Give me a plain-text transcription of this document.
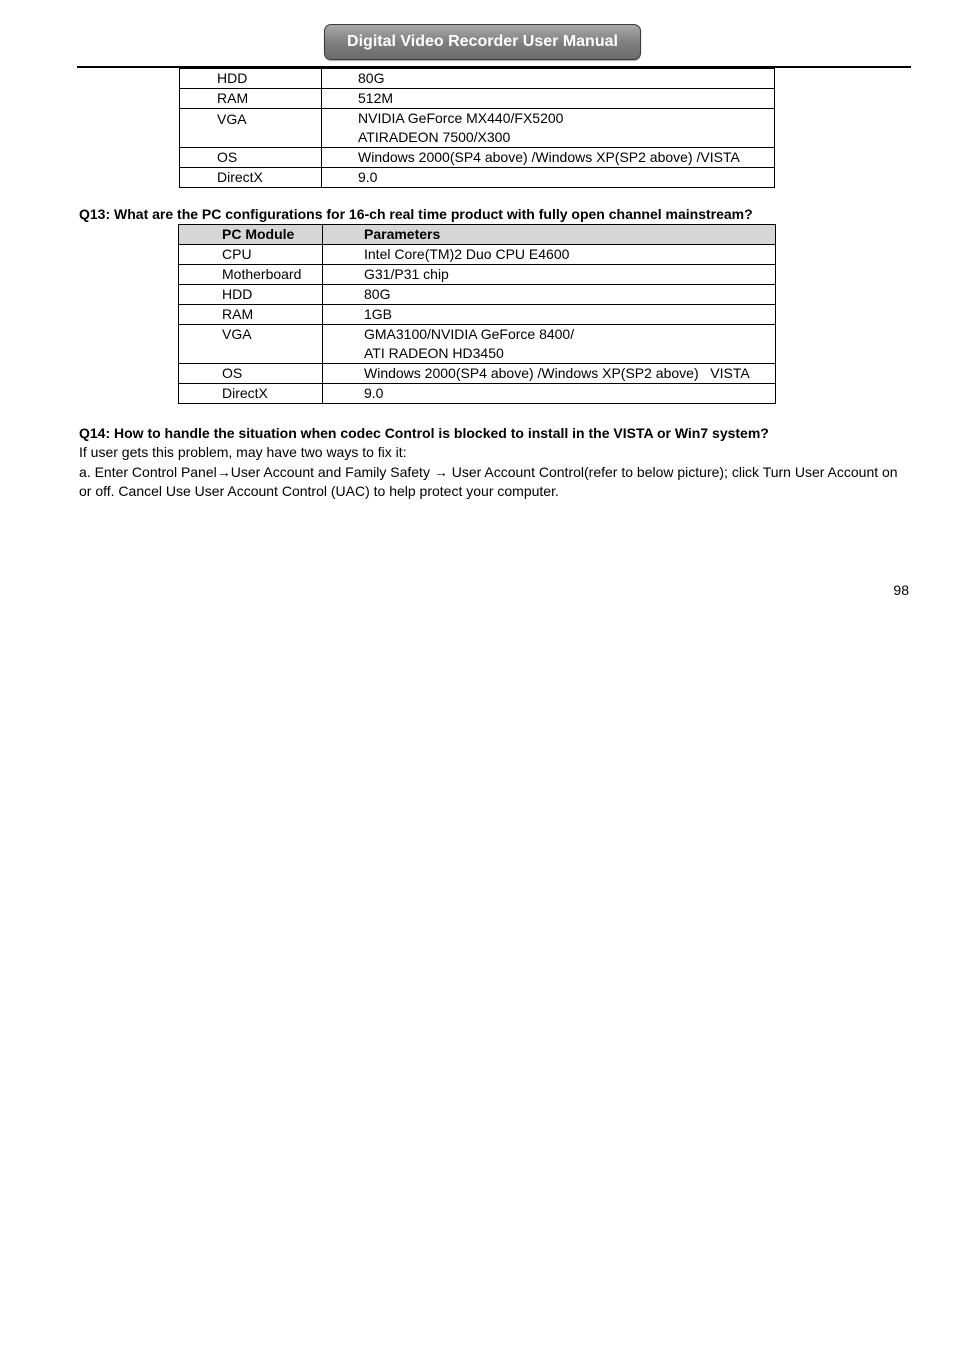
Digital Video Recorder User Manual
HDD	80G
RAM	512M
VGA	NVIDIA GeForce MX440/FX5200
ATIRADEON 7500/X300

OS	Windows 2000(SP4 above) /Windows XP(SP2 above) /VISTA
DirectX	9.0
Q13: What are the PC configurations for 16-ch real time product with fully open channel mainstream?
PC Module	Parameters
CPU	Intel Core(TM)2 Duo CPU E4600
Motherboard	G31/P31 chip
HDD	80G
RAM	1GB
VGA	GMA3100/NVIDIA GeForce 8400/
ATI RADEON HD3450

OS	Windows 2000(SP4 above) /Windows XP(SP2 above)   VISTA
DirectX	9.0
Q14: How to handle the situation when codec Control is blocked to install in the VISTA or Win7 system?
If user gets this problem, may have two ways to fix it:
a. Enter Control Panel→User Account and Family Safety → User Account Control(refer to below picture); click Turn User Account on or off. Cancel Use User Account Control (UAC) to help protect your computer.
98
